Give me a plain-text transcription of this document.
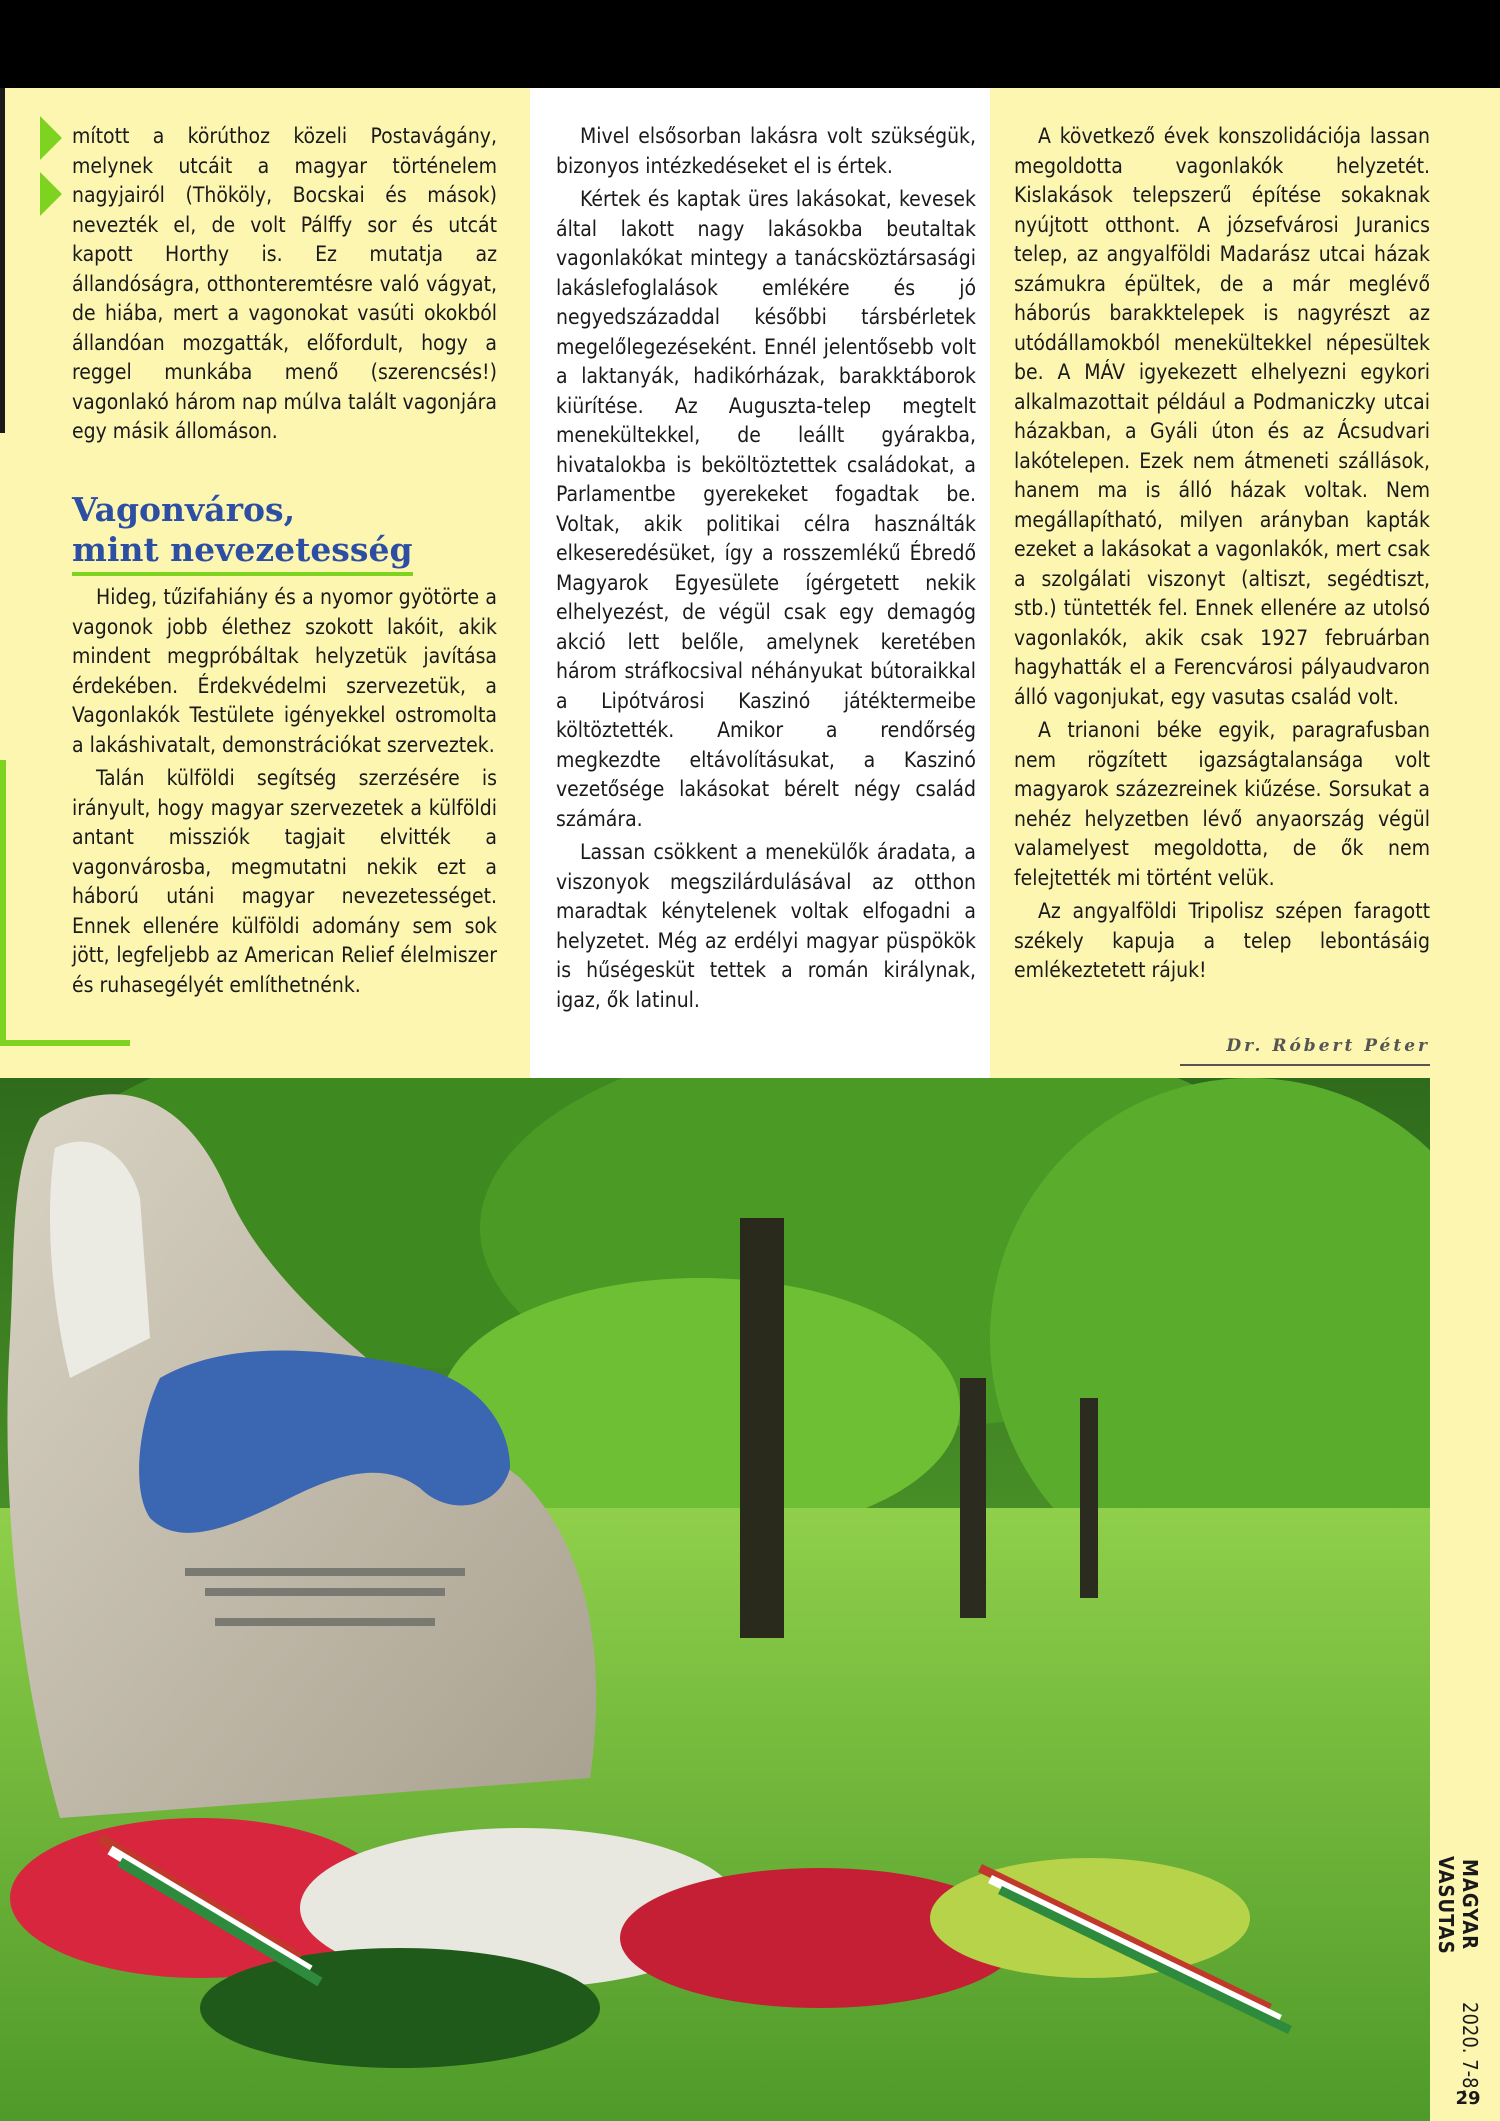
mított a körúthoz közeli Postavágány, melynek utcáit a magyar történelem nagyjairól (Thököly, Bocskai és mások) nevezték el, de volt Pálffy sor és utcát kapott Horthy is. Ez mutatja az állandóságra, otthonteremtésre való vágyat, de hiába, mert a vagonokat vasúti okokból állandóan mozgatták, előfordult, hogy a reggel munkába menő (szerencsés!) vagonlakó három nap múlva talált vagonjára egy másik állomáson.

Vagonváros,
mint nevezetesség

Hideg, tűzifahiány és a nyomor gyötörte a vagonok jobb élethez szokott lakóit, akik mindent megpróbáltak helyzetük javítása érdekében. Érdekvédelmi szervezetük, a Vagonlakók Testülete igényekkel ostromolta a lakáshivatalt, demonstrációkat szerveztek.

Talán külföldi segítség szerzésére is irányult, hogy magyar szervezetek a külföldi antant missziók tagjait elvitték a vagonvárosba, megmutatni nekik ezt a háború utáni magyar nevezetességet. Ennek ellenére külföldi adomány sem sok jött, legfeljebb az American Relief élelmiszer és ruhasegélyét említhetnénk.

Mivel elsősorban lakásra volt szükségük, bizonyos intézkedéseket el is értek.

Kértek és kaptak üres lakásokat, kevesek által lakott nagy lakásokba beutaltak vagonlakókat mintegy a tanácsköztársasági lakáslefoglalások emlékére és jó negyedszázaddal későbbi társbérletek megelőlegezéseként. Ennél jelentősebb volt a laktanyák, hadikórházak, barakktáborok kiürítése. Az Auguszta-telep megtelt menekültekkel, de leállt gyárakba, hivatalokba is beköltöztettek családokat, a Parlamentbe gyerekeket fogadtak be. Voltak, akik politikai célra használták elkeseredésüket, így a rosszemlékű Ébredő Magyarok Egyesülete ígérgetett nekik elhelyezést, de végül csak egy demagóg akció lett belőle, amelynek keretében három stráfkocsival néhányukat bútoraikkal a Lipótvárosi Kaszinó játéktermeibe költöztették. Amikor a rendőrség megkezdte eltávolításukat, a Kaszinó vezetősége lakásokat bérelt négy család számára.

Lassan csökkent a menekülők áradata, a viszonyok megszilárdulásával az otthon maradtak kénytelenek voltak elfogadni a helyzetet. Még az erdélyi magyar püspökök is hűségesküt tettek a román királynak, igaz, ők latinul.

A következő évek konszolidációja lassan megoldotta vagonlakók helyzetét. Kislakások telepszerű építése sokaknak nyújtott otthont. A józsefvárosi Juranics telep, az angyalföldi Madarász utcai házak számukra épültek, de a már meglévő háborús barakktelepek is nagyrészt az utódállamokból menekültekkel népesültek be. A MÁV igyekezett elhelyezni egykori alkalmazottait például a Podmaniczky utcai házakban, a Gyáli úton és az Ácsudvari lakótelepen. Ezek nem átmeneti szállások, hanem ma is álló házak voltak. Nem megállapítható, milyen arányban kapták ezeket a lakásokat a vagonlakók, mert csak a szolgálati viszonyt (altiszt, segédtiszt, stb.) tüntették fel. Ennek ellenére az utolsó vagonlakók, akik csak 1927 februárban hagyhatták el a Ferencvárosi pályaudvaron álló vagonjukat, egy vasutas család volt.

A trianoni béke egyik, paragrafusban nem rögzített igazságtalansága volt magyarok százezreinek kiűzése. Sorsukat a nehéz helyzetben lévő anyaország végül valamelyest megoldotta, de ők nem felejtették mi történt velük.

Az angyalföldi Tripolisz szépen faragott székely kapuja a telep lebontásáig emlékeztetett rájuk!

Dr. Róbert Péter
MAGYAR VASUTAS
2020. 7-8.
29
